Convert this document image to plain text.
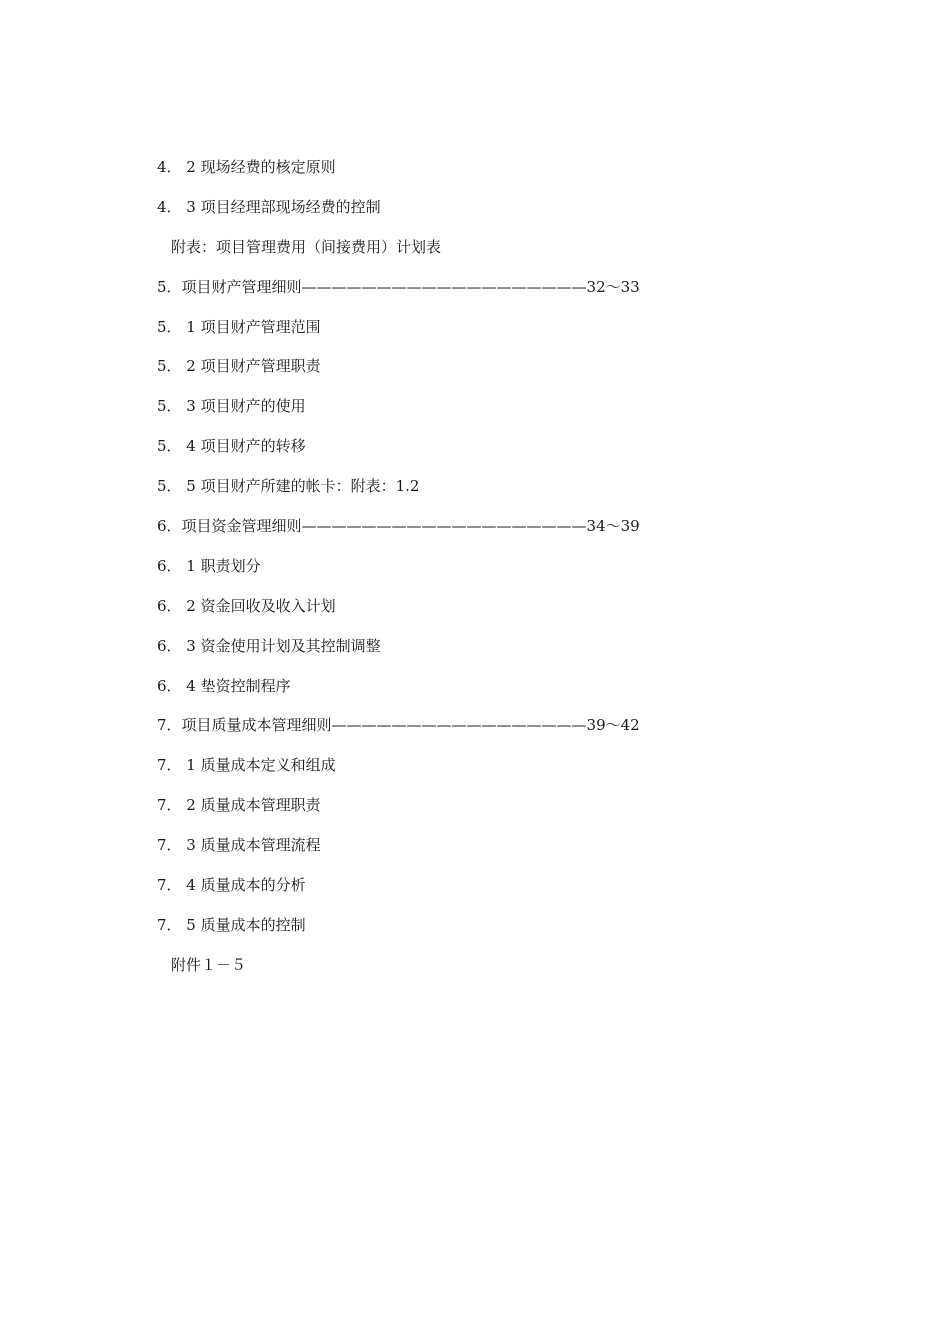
4． 2 现场经费的核定原则
4． 3 项目经理部现场经费的控制
附表：项目管理费用（间接费用）计划表
5．项目财产管理细则———————————————————32～33
5． 1 项目财产管理范围
5． 2 项目财产管理职责
5． 3 项目财产的使用
5． 4 项目财产的转移
5． 5 项目财产所建的帐卡：附表：1.2
6．项目资金管理细则———————————————————34～39
6． 1 职责划分
6． 2 资金回收及收入计划
6． 3 资金使用计划及其控制调整
6． 4 垫资控制程序
7．项目质量成本管理细则—————————————————39～42
7． 1 质量成本定义和组成
7． 2 质量成本管理职责
7． 3 质量成本管理流程
7． 4 质量成本的分析
7． 5 质量成本的控制
附件１－５
